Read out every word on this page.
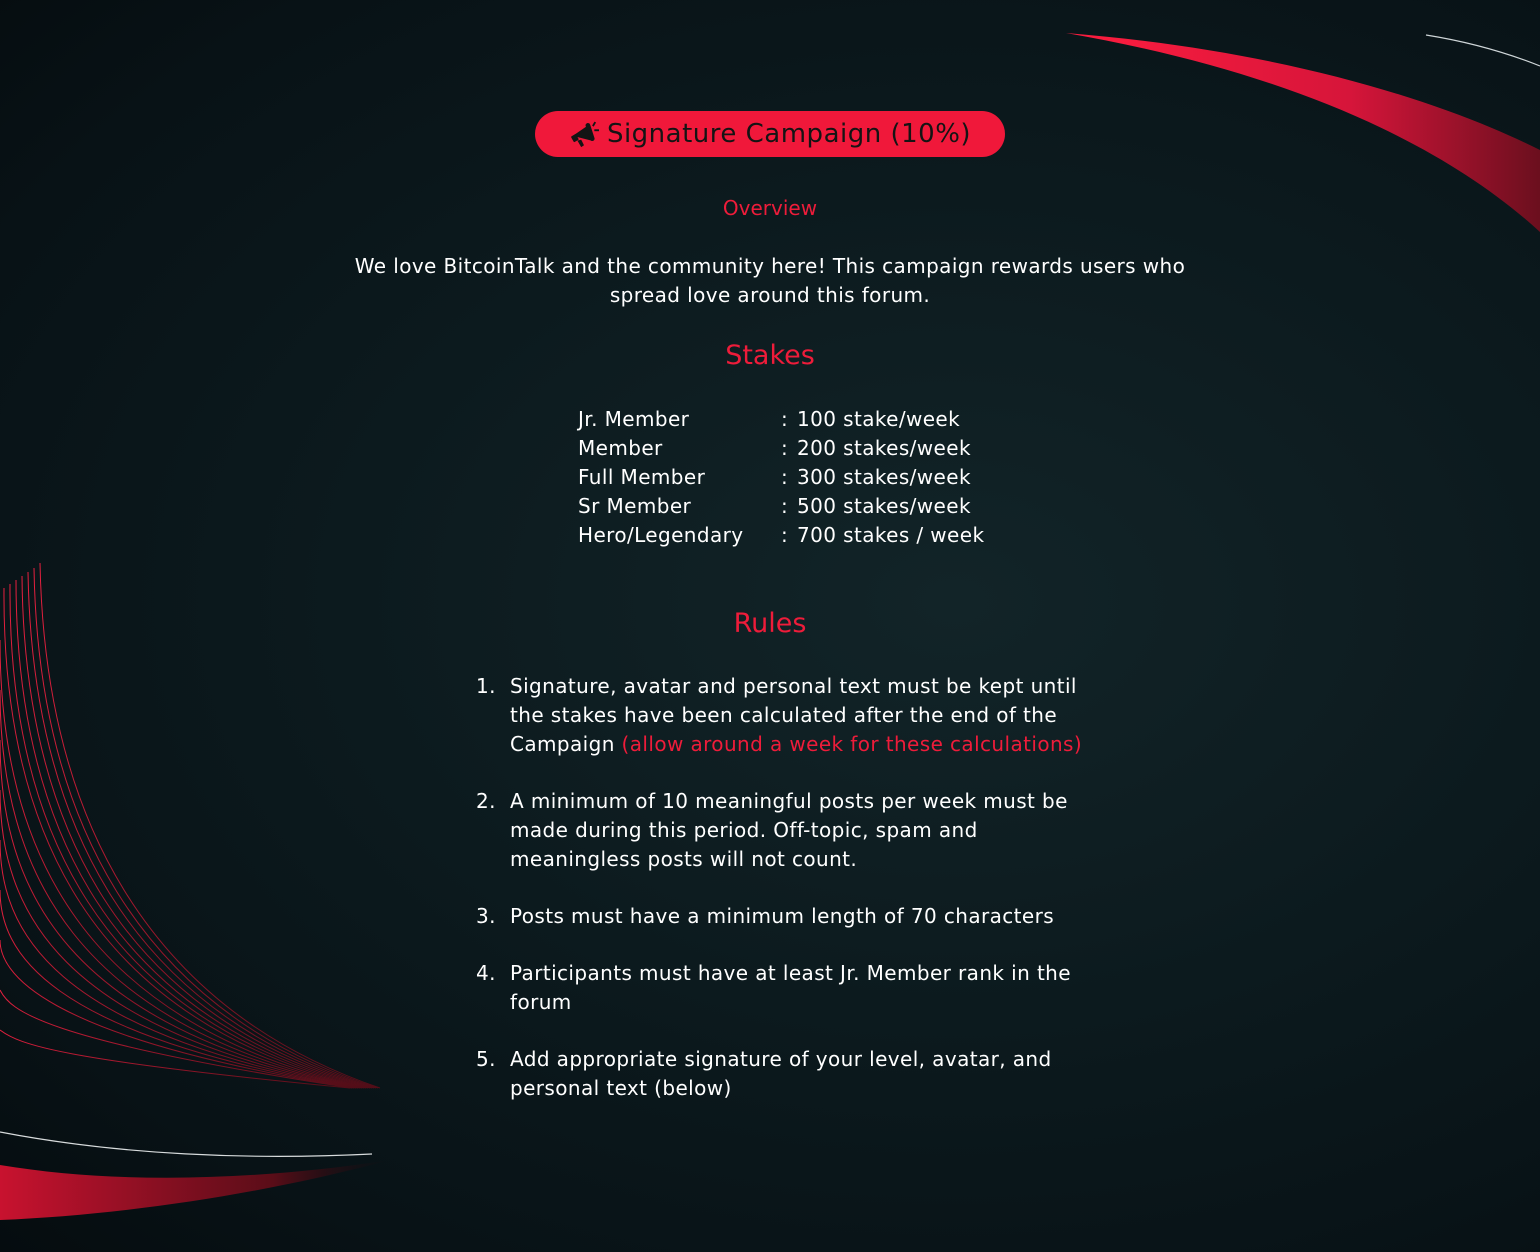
Signature Campaign (10%)
Overview
We love BitcoinTalk and the community here! This campaign rewards users who spread love around this forum.
Stakes
Jr. Member	: 100 stake/week
Member	: 200 stakes/week
Full Member	: 300 stakes/week
Sr Member	: 500 stakes/week
Hero/Legendary	: 700 stakes / week
Rules
1. Signature, avatar and personal text must be kept until the stakes have been calculated after the end of the Campaign (allow around a week for these calculations)
2. A minimum of 10 meaningful posts per week must be made during this period. Off-topic, spam and meaningless posts will not count.
3. Posts must have a minimum length of 70 characters
4. Participants must have at least Jr. Member rank in the forum
5. Add appropriate signature of your level, avatar, and personal text (below)
